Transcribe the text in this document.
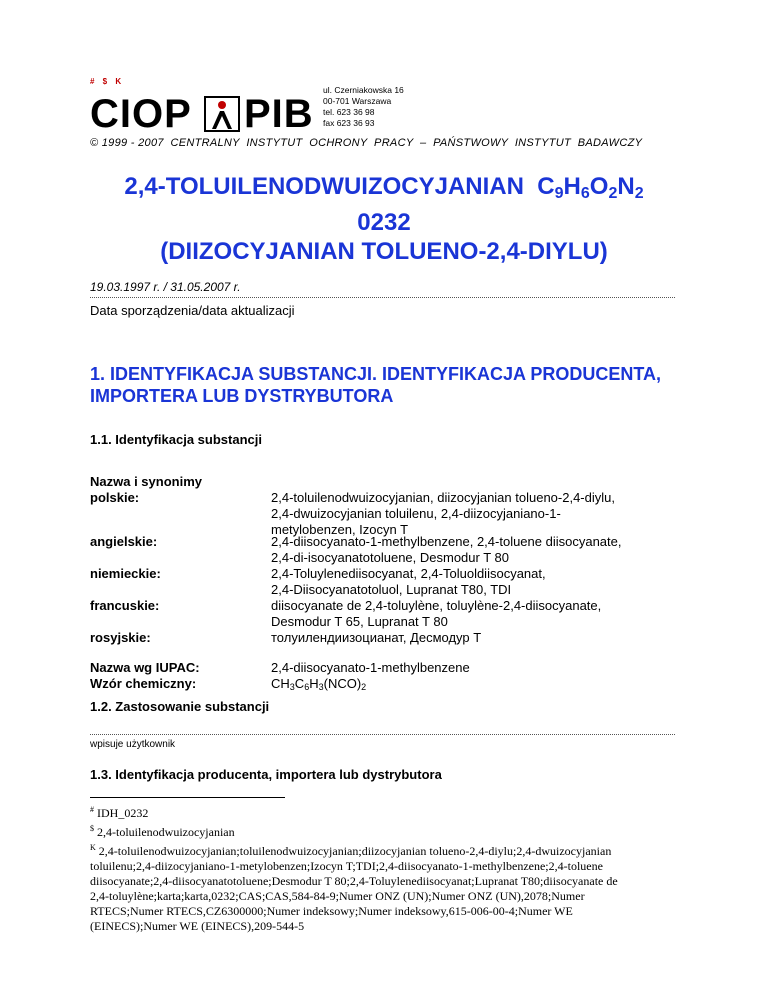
# $ K
CIOP PIB
ul. Czerniakowska 16
00-701 Warszawa
tel. 623 36 98
fax 623 36 93
© 1999 - 2007  CENTRALNY  INSTYTUT  OCHRONY  PRACY  –  PAŃSTWOWY  INSTYTUT  BADAWCZY
2,4-TOLUILENODWUIZOCYJANIAN $C_9H_6O_2N_2$
0232
(DIIZOCYJANIAN TOLUENO-2,4-DIYLU)
19.03.1997 r. / 31.05.2007 r.
Data sporządzenia/data aktualizacji
1. IDENTYFIKACJA SUBSTANCJI. IDENTYFIKACJA PRODUCENTA,
IMPORTERA LUB DYSTRYBUTORA
1.1. Identyfikacja substancji
Nazwa i synonimy
polskie:	2,4-toluilenodwuizocyjanian, diizocyjanian tolueno-2,4-diylu,
2,4-dwuizocyjanian toluilenu, 2,4-diizocyjaniano-1-
metylobenzen, Izocyn T
angielskie:	2,4-diisocyanato-1-methylbenzene, 2,4-toluene diisocyanate,
2,4-di-isocyanatotoluene, Desmodur T 80
niemieckie:	2,4-Toluylenediisocyanat, 2,4-Toluoldiisocyanat,
2,4-Diisocyanatotoluol, Lupranat T80, TDI
francuskie:	diisocyanate de 2,4-toluylène, toluylène-2,4-diisocyanate,
Desmodur T 65, Lupranat T 80
rosyjskie:	толуилендиизоцианат, Десмодур Т
Nazwa wg IUPAC:	2,4-diisocyanato-1-methylbenzene
Wzór chemiczny:	$CH_3C_6H_3(NCO)_2$
1.2. Zastosowanie substancji
wpisuje użytkownik
1.3. Identyfikacja producenta, importera lub dystrybutora
# IDH_0232
$ 2,4-toluilenodwuizocyjanian
$^K$ 2,4-toluilenodwuizocyjanian;toluilenodwuizocyjanian;diizocyjanian tolueno-2,4-diylu;2,4-dwuizocyjanian
toluilenu;2,4-diizocyjaniano-1-metylobenzen;Izocyn T;TDI;2,4-diisocyanato-1-methylbenzene;2,4-toluene
diisocyanate;2,4-diisocyanatotoluene;Desmodur T 80;2,4-Toluylenediisocyanat;Lupranat T80;diisocyanate de
2,4-toluylène;karta;karta,0232;CAS;CAS,584-84-9;Numer ONZ (UN);Numer ONZ (UN),2078;Numer
RTECS;Numer RTECS,CZ6300000;Numer indeksowy;Numer indeksowy,615-006-00-4;Numer WE
(EINECS);Numer WE (EINECS),209-544-5
